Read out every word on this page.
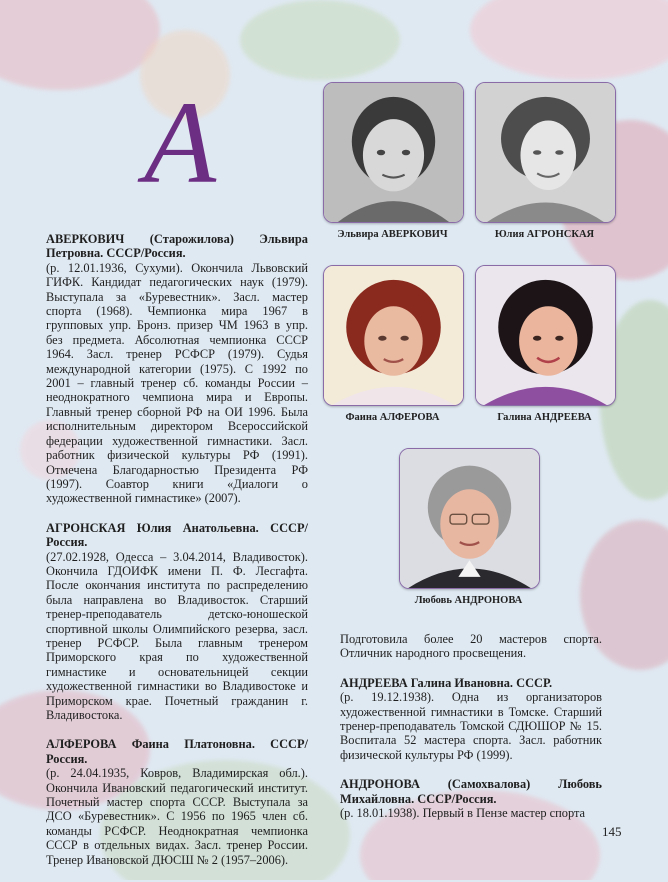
А
Эльвира АВЕРКОВИЧ	Юлия АГРОНСКАЯ
Фаина АЛФЕРОВА	Галина АНДРЕЕВА
Любовь АНДРОНОВА
АВЕРКОВИЧ (Старожилова) Эльвира Петровна. СССР/Россия.
(р. 12.01.1936, Сухуми). Окончила Львовский ГИФК. Кандидат педагогических наук (1979). Выступала за «Буревестник». Засл. мастер спорта (1968). Чемпионка мира 1967 в групповых упр. Бронз. призер ЧМ 1963 в упр. без предмета. Абсолютная чемпионка СССР 1964. Засл. тренер РСФСР (1979). Судья международной категории (1975). С 1992 по 2001 – главный тренер сб. команды России – неоднократного чемпиона мира и Европы. Главный тренер сборной РФ на ОИ 1996. Была исполнительным директором Всероссийской федерации художественной гимнастики. Засл. работник физической культуры РФ (1991). Отмечена Благодарностью Президента РФ (1997). Соавтор книги «Диалоги о художественной гимнастике» (2007).
АГРОНСКАЯ Юлия Анатольевна. СССР/ Россия.
(27.02.1928, Одесса – 3.04.2014, Владивосток). Окончила ГДОИФК имени П. Ф. Лесгафта. После окончания института по распределению была направлена во Владивосток. Старший тренер-преподаватель детско-юношеской спортивной школы Олимпийского резерва, засл. тренер РСФСР. Была главным тренером Приморского края по художественной гимнастике и основательницей секции художественной гимнастики во Владивостоке и Приморском крае. Почетный гражданин г. Владивостока.
АЛФЕРОВА Фаина Платоновна. СССР/ Россия.
(р. 24.04.1935, Ковров, Владимирская обл.). Окончила Ивановский педагогический институт. Почетный мастер спорта СССР. Выступала за ДСО «Буревестник». С 1956 по 1965 член сб. команды РСФСР. Неоднократная чемпионка СССР в отдельных видах. Засл. тренер России. Тренер Ивановской ДЮСШ № 2 (1957–2006).
Подготовила более 20 мастеров спорта. Отличник народного просвещения.
АНДРЕЕВА Галина Ивановна. СССР.
(р. 19.12.1938). Одна из организаторов художественной гимнастики в Томске. Старший тренер-преподаватель Томской СДЮШОР № 15. Воспитала 52 мастера спорта. Засл. работник физической культуры РФ (1999).
АНДРОНОВА (Самохвалова) Любовь Михайловна. СССР/Россия.
(р. 18.01.1938). Первый в Пензе мастер спорта
145
